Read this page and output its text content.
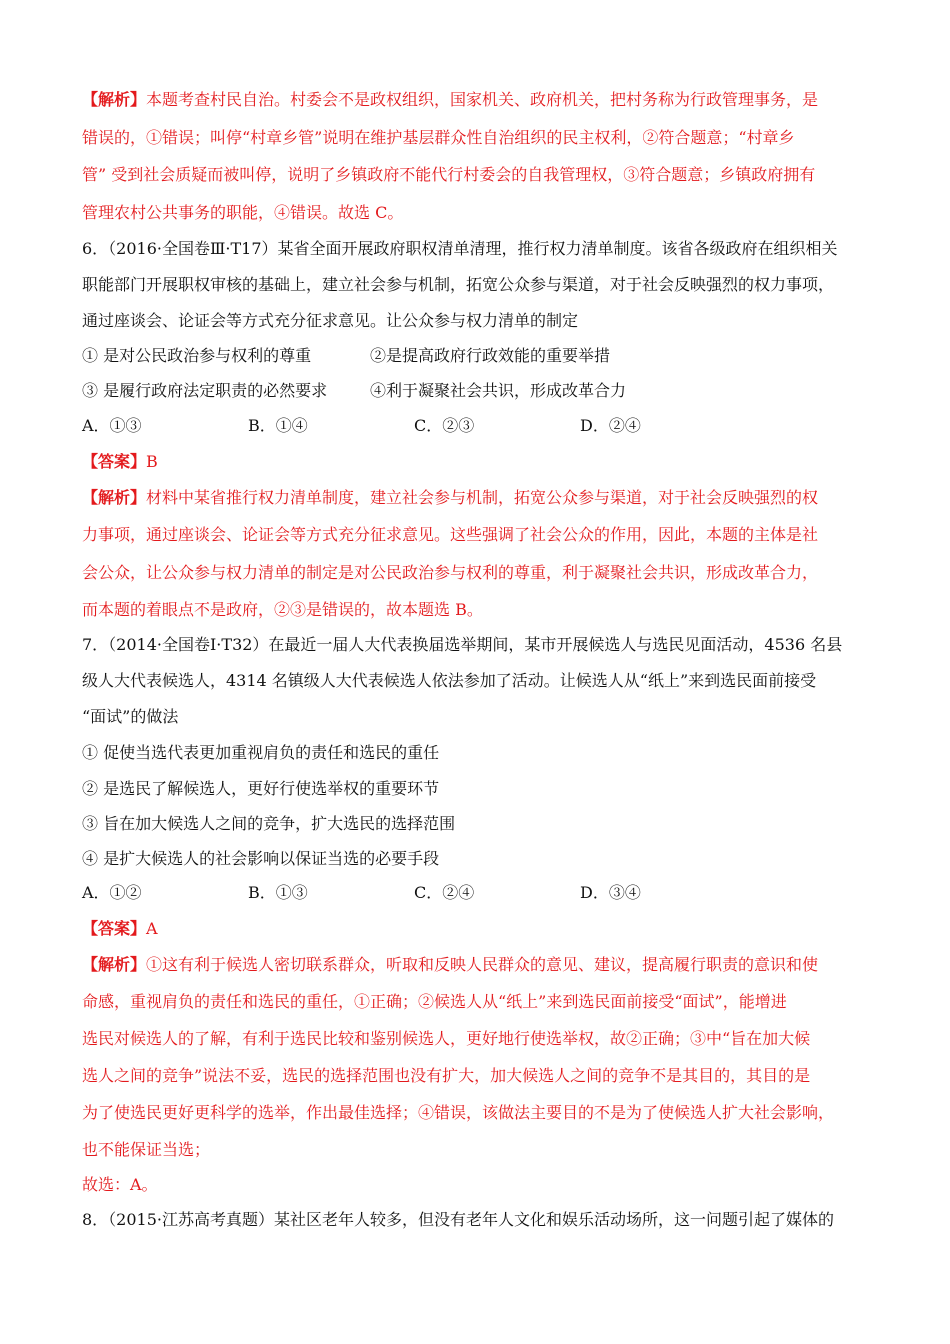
【解析】本题考查村民自治。村委会不是政权组织，国家机关、政府机关，把村务称为行政管理事务，是
错误的，①错误；叫停“村章乡管”说明在维护基层群众性自治组织的民主权利，②符合题意；“村章乡
管” 受到社会质疑而被叫停，说明了乡镇政府不能代行村委会的自我管理权，③符合题意；乡镇政府拥有
管理农村公共事务的职能，④错误。故选 C。
6．（2016·全国卷Ⅲ·T17）某省全面开展政府职权清单清理，推行权力清单制度。该省各级政府在组织相关
职能部门开展职权审核的基础上，建立社会参与机制，拓宽公众参与渠道，对于社会反映强烈的权力事项，
通过座谈会、论证会等方式充分征求意见。让公众参与权力清单的制定
① 是对公民政治参与权利的尊重	②是提高政府行政效能的重要举措
③ 是履行政府法定职责的必然要求	④利于凝聚社会共识，形成改革合力
A．①③	B．①④	C．②③	D．②④
【答案】B
【解析】材料中某省推行权力清单制度，建立社会参与机制，拓宽公众参与渠道，对于社会反映强烈的权
力事项，通过座谈会、论证会等方式充分征求意见。这些强调了社会公众的作用，因此，本题的主体是社
会公众，让公众参与权力清单的制定是对公民政治参与权利的尊重，利于凝聚社会共识，形成改革合力，
而本题的着眼点不是政府，②③是错误的，故本题选 B。
7．（2014·全国卷Ⅰ·T32）在最近一届人大代表换届选举期间，某市开展候选人与选民见面活动，4536 名县
级人大代表候选人，4314 名镇级人大代表候选人依法参加了活动。让候选人从“纸上”来到选民面前接受
“面试”的做法
① 促使当选代表更加重视肩负的责任和选民的重任
② 是选民了解候选人，更好行使选举权的重要环节
③ 旨在加大候选人之间的竞争，扩大选民的选择范围
④ 是扩大候选人的社会影响以保证当选的必要手段
A．①②	B．①③	C．②④	D．③④
【答案】A
【解析】①这有利于候选人密切联系群众，听取和反映人民群众的意见、建议，提高履行职责的意识和使
命感，重视肩负的责任和选民的重任，①正确；②候选人从“纸上”来到选民面前接受“面试”，能增进
选民对候选人的了解，有利于选民比较和鉴别候选人，更好地行使选举权，故②正确；③中“旨在加大候
选人之间的竞争”说法不妥，选民的选择范围也没有扩大，加大候选人之间的竞争不是其目的，其目的是
为了使选民更好更科学的选举，作出最佳选择；④错误，该做法主要目的不是为了使候选人扩大社会影响，
也不能保证当选；
故选：A。
8．（2015·江苏高考真题）某社区老年人较多，但没有老年人文化和娱乐活动场所，这一问题引起了媒体的
